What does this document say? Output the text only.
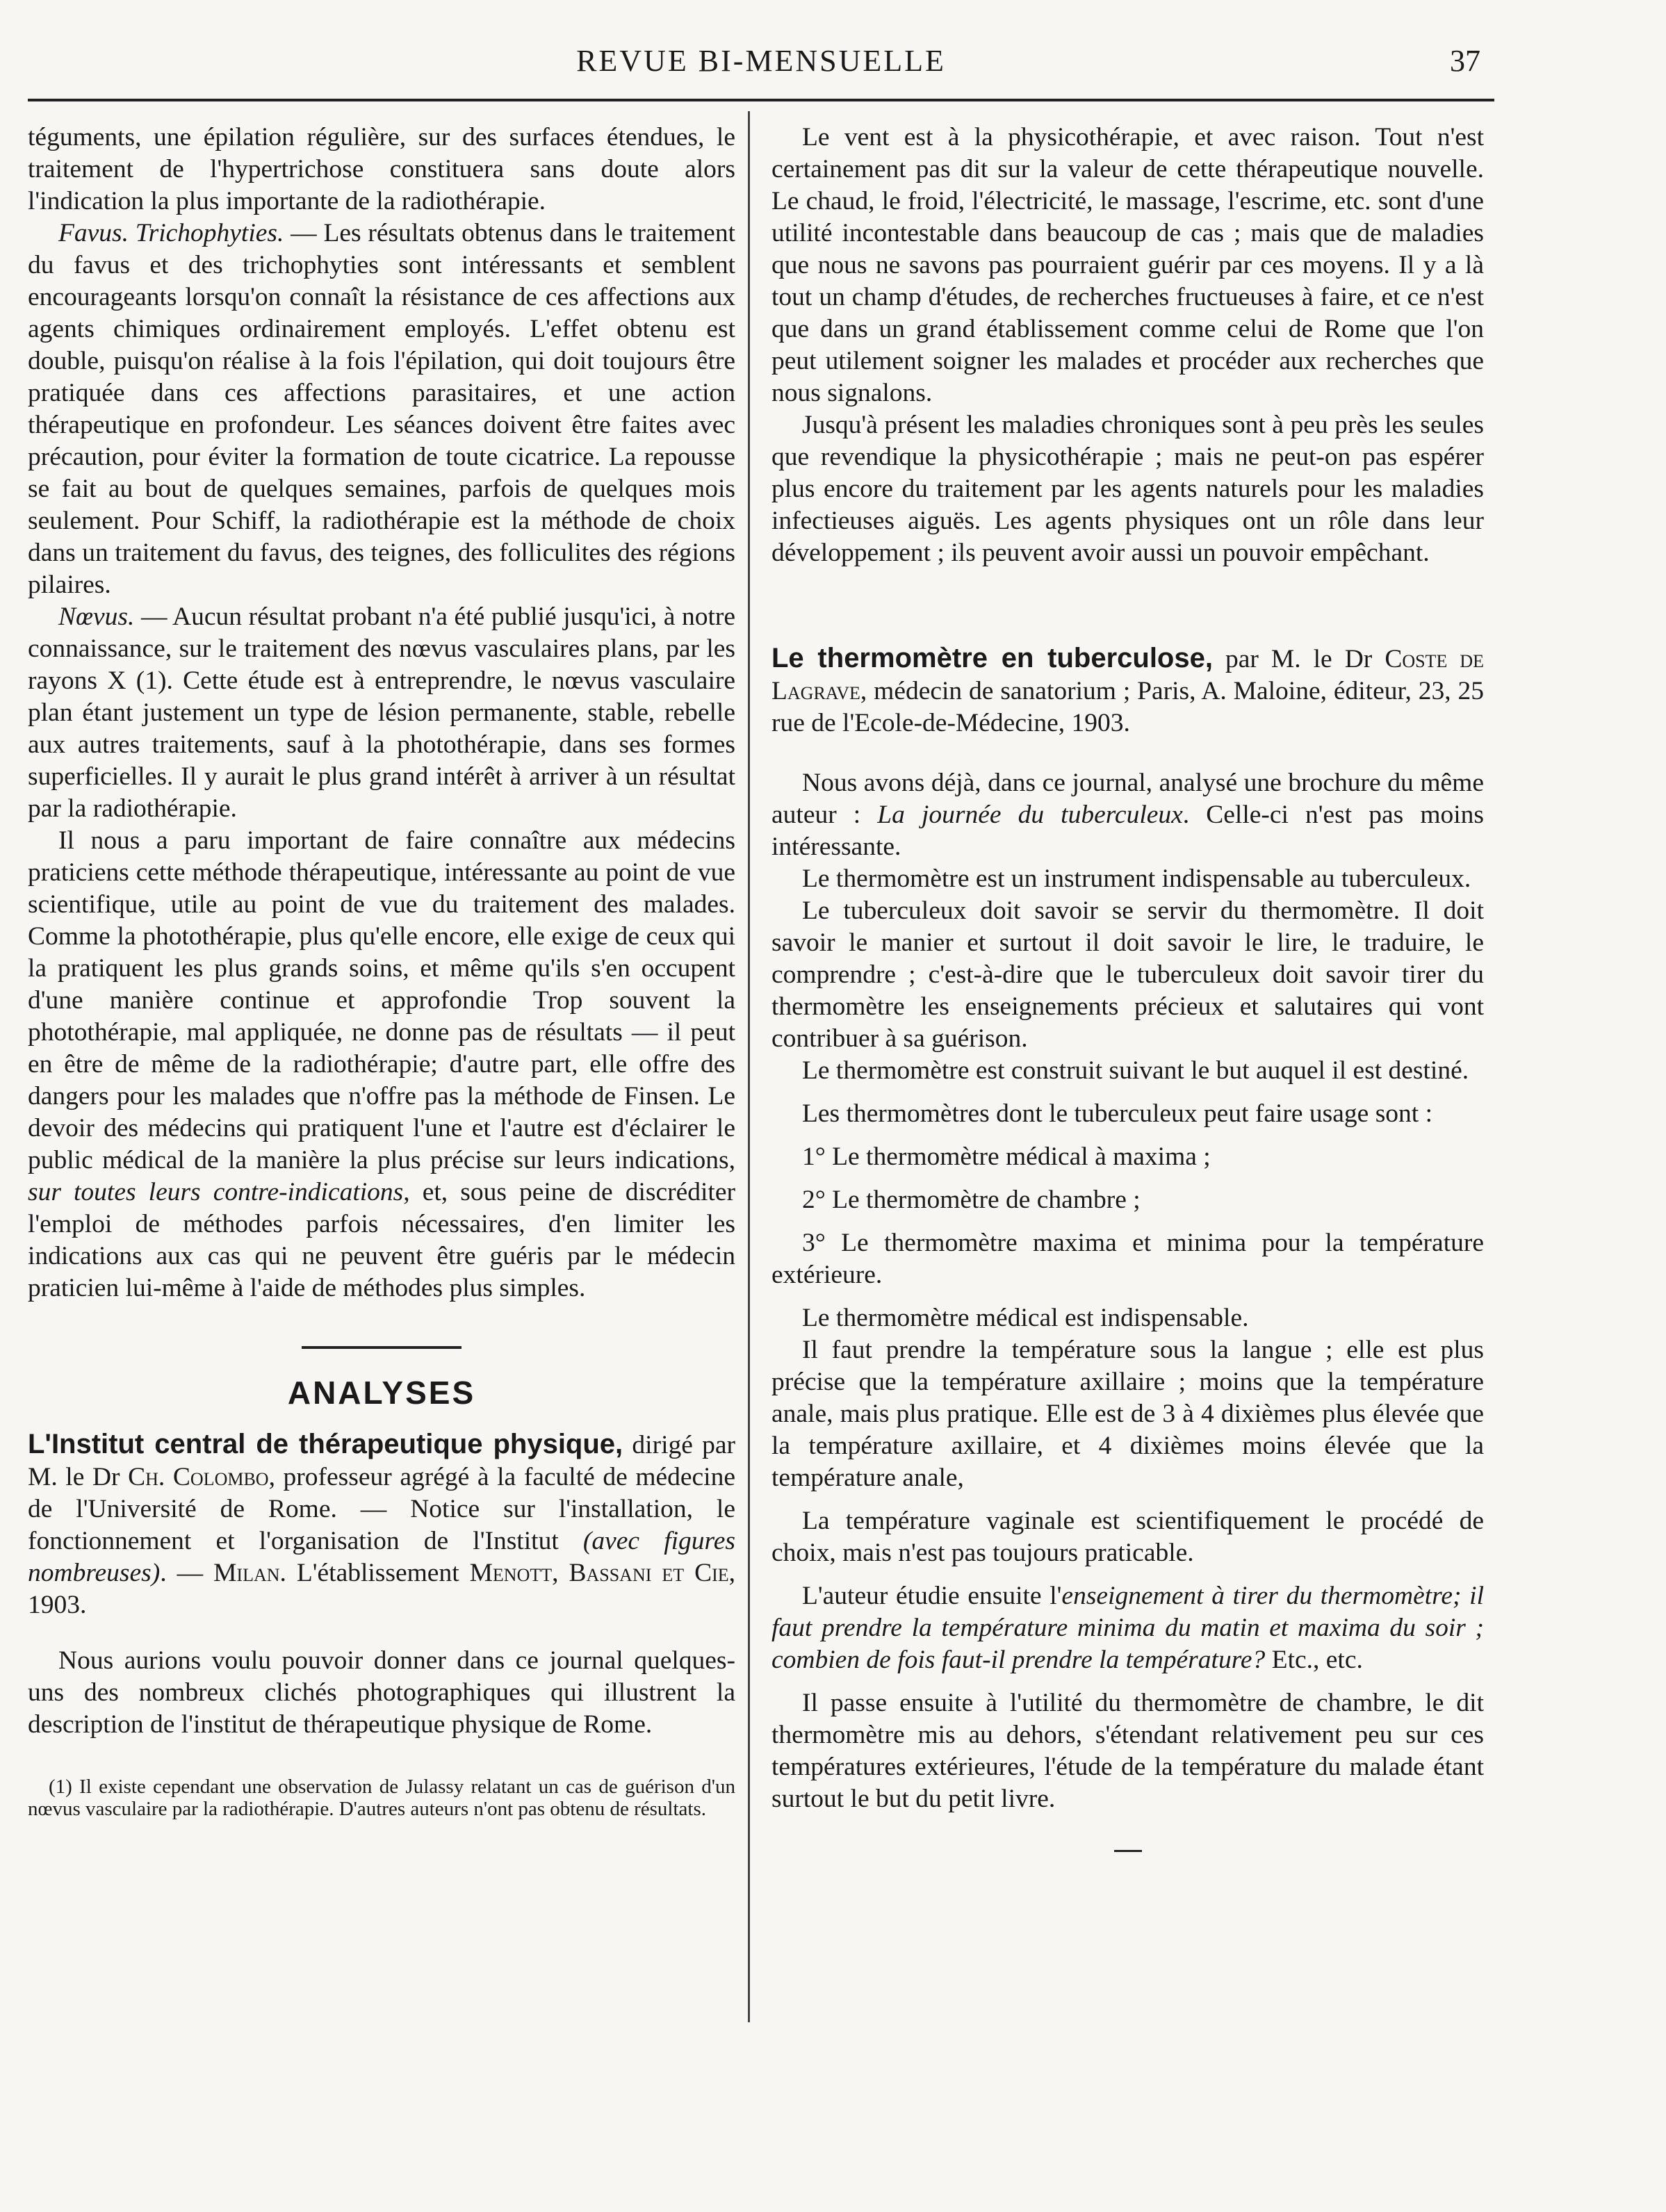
REVUE BI-MENSUELLE	37

téguments, une épilation régulière, sur des surfaces étendues, le traitement de l'hypertrichose constituera sans doute alors l'indication la plus importante de la radiothérapie.

Favus. Trichophyties. — Les résultats obtenus dans le traitement du favus et des trichophyties sont intéressants et semblent encourageants lorsqu'on connaît la résistance de ces affections aux agents chimiques ordinairement employés. L'effet obtenu est double, puisqu'on réalise à la fois l'épilation, qui doit toujours être pratiquée dans ces affections parasitaires, et une action thérapeutique en profondeur. Les séances doivent être faites avec précaution, pour éviter la formation de toute cicatrice. La repousse se fait au bout de quelques semaines, parfois de quelques mois seulement. Pour Schiff, la radiothérapie est la méthode de choix dans un traitement du favus, des teignes, des folliculites des régions pilaires.

Nœvus. — Aucun résultat probant n'a été publié jusqu'ici, à notre connaissance, sur le traitement des nœvus vasculaires plans, par les rayons X (1). Cette étude est à entreprendre, le nœvus vasculaire plan étant justement un type de lésion permanente, stable, rebelle aux autres traitements, sauf à la photothérapie, dans ses formes superficielles. Il y aurait le plus grand intérêt à arriver à un résultat par la radiothérapie.

Il nous a paru important de faire connaître aux médecins praticiens cette méthode thérapeutique, intéressante au point de vue scientifique, utile au point de vue du traitement des malades. Comme la photothérapie, plus qu'elle encore, elle exige de ceux qui la pratiquent les plus grands soins, et même qu'ils s'en occupent d'une manière continue et approfondie Trop souvent la photothérapie, mal appliquée, ne donne pas de résultats — il peut en être de même de la radiothérapie; d'autre part, elle offre des dangers pour les malades que n'offre pas la méthode de Finsen. Le devoir des médecins qui pratiquent l'une et l'autre est d'éclairer le public médical de la manière la plus précise sur leurs indications, sur toutes leurs contre-indications, et, sous peine de discréditer l'emploi de méthodes parfois nécessaires, d'en limiter les indications aux cas qui ne peuvent être guéris par le médecin praticien lui-même à l'aide de méthodes plus simples.

ANALYSES

L'Institut central de thérapeutique physique, dirigé par M. le Dr Ch. Colombo, professeur agrégé à la faculté de médecine de l'Université de Rome. — Notice sur l'installation, le fonctionnement et l'organisation de l'Institut (avec figures nombreuses). — Milan. L'établissement Menott, Bassani et Cie, 1903.

Nous aurions voulu pouvoir donner dans ce journal quelques-uns des nombreux clichés photographiques qui illustrent la description de l'institut de thérapeutique physique de Rome.

(1) Il existe cependant une observation de Julassy relatant un cas de guérison d'un nœvus vasculaire par la radiothérapie. D'autres auteurs n'ont pas obtenu de résultats.

Le vent est à la physicothérapie, et avec raison. Tout n'est certainement pas dit sur la valeur de cette thérapeutique nouvelle. Le chaud, le froid, l'électricité, le massage, l'escrime, etc. sont d'une utilité incontestable dans beaucoup de cas ; mais que de maladies que nous ne savons pas pourraient guérir par ces moyens. Il y a là tout un champ d'études, de recherches fructueuses à faire, et ce n'est que dans un grand établissement comme celui de Rome que l'on peut utilement soigner les malades et procéder aux recherches que nous signalons.

Jusqu'à présent les maladies chroniques sont à peu près les seules que revendique la physicothérapie ; mais ne peut-on pas espérer plus encore du traitement par les agents naturels pour les maladies infectieuses aiguës. Les agents physiques ont un rôle dans leur développement ; ils peuvent avoir aussi un pouvoir empêchant.

Le thermomètre en tuberculose, par M. le Dr Coste de Lagrave, médecin de sanatorium ; Paris, A. Maloine, éditeur, 23, 25 rue de l'Ecole-de-Médecine, 1903.

Nous avons déjà, dans ce journal, analysé une brochure du même auteur : La journée du tuberculeux. Celle-ci n'est pas moins intéressante.

Le thermomètre est un instrument indispensable au tuberculeux.

Le tuberculeux doit savoir se servir du thermomètre. Il doit savoir le manier et surtout il doit savoir le lire, le traduire, le comprendre ; c'est-à-dire que le tuberculeux doit savoir tirer du thermomètre les enseignements précieux et salutaires qui vont contribuer à sa guérison.

Le thermomètre est construit suivant le but auquel il est destiné.

Les thermomètres dont le tuberculeux peut faire usage sont :

1° Le thermomètre médical à maxima ;

2° Le thermomètre de chambre ;

3° Le thermomètre maxima et minima pour la température extérieure.

Le thermomètre médical est indispensable.

Il faut prendre la température sous la langue ; elle est plus précise que la température axillaire ; moins que la température anale, mais plus pratique. Elle est de 3 à 4 dixièmes plus élevée que la température axillaire, et 4 dixièmes moins élevée que la température anale,

La température vaginale est scientifiquement le procédé de choix, mais n'est pas toujours praticable.

L'auteur étudie ensuite l'enseignement à tirer du thermomètre; il faut prendre la température minima du matin et maxima du soir ; combien de fois faut-il prendre la température? Etc., etc.

Il passe ensuite à l'utilité du thermomètre de chambre, le dit thermomètre mis au dehors, s'étendant relativement peu sur ces températures extérieures, l'étude de la température du malade étant surtout le but du petit livre.
